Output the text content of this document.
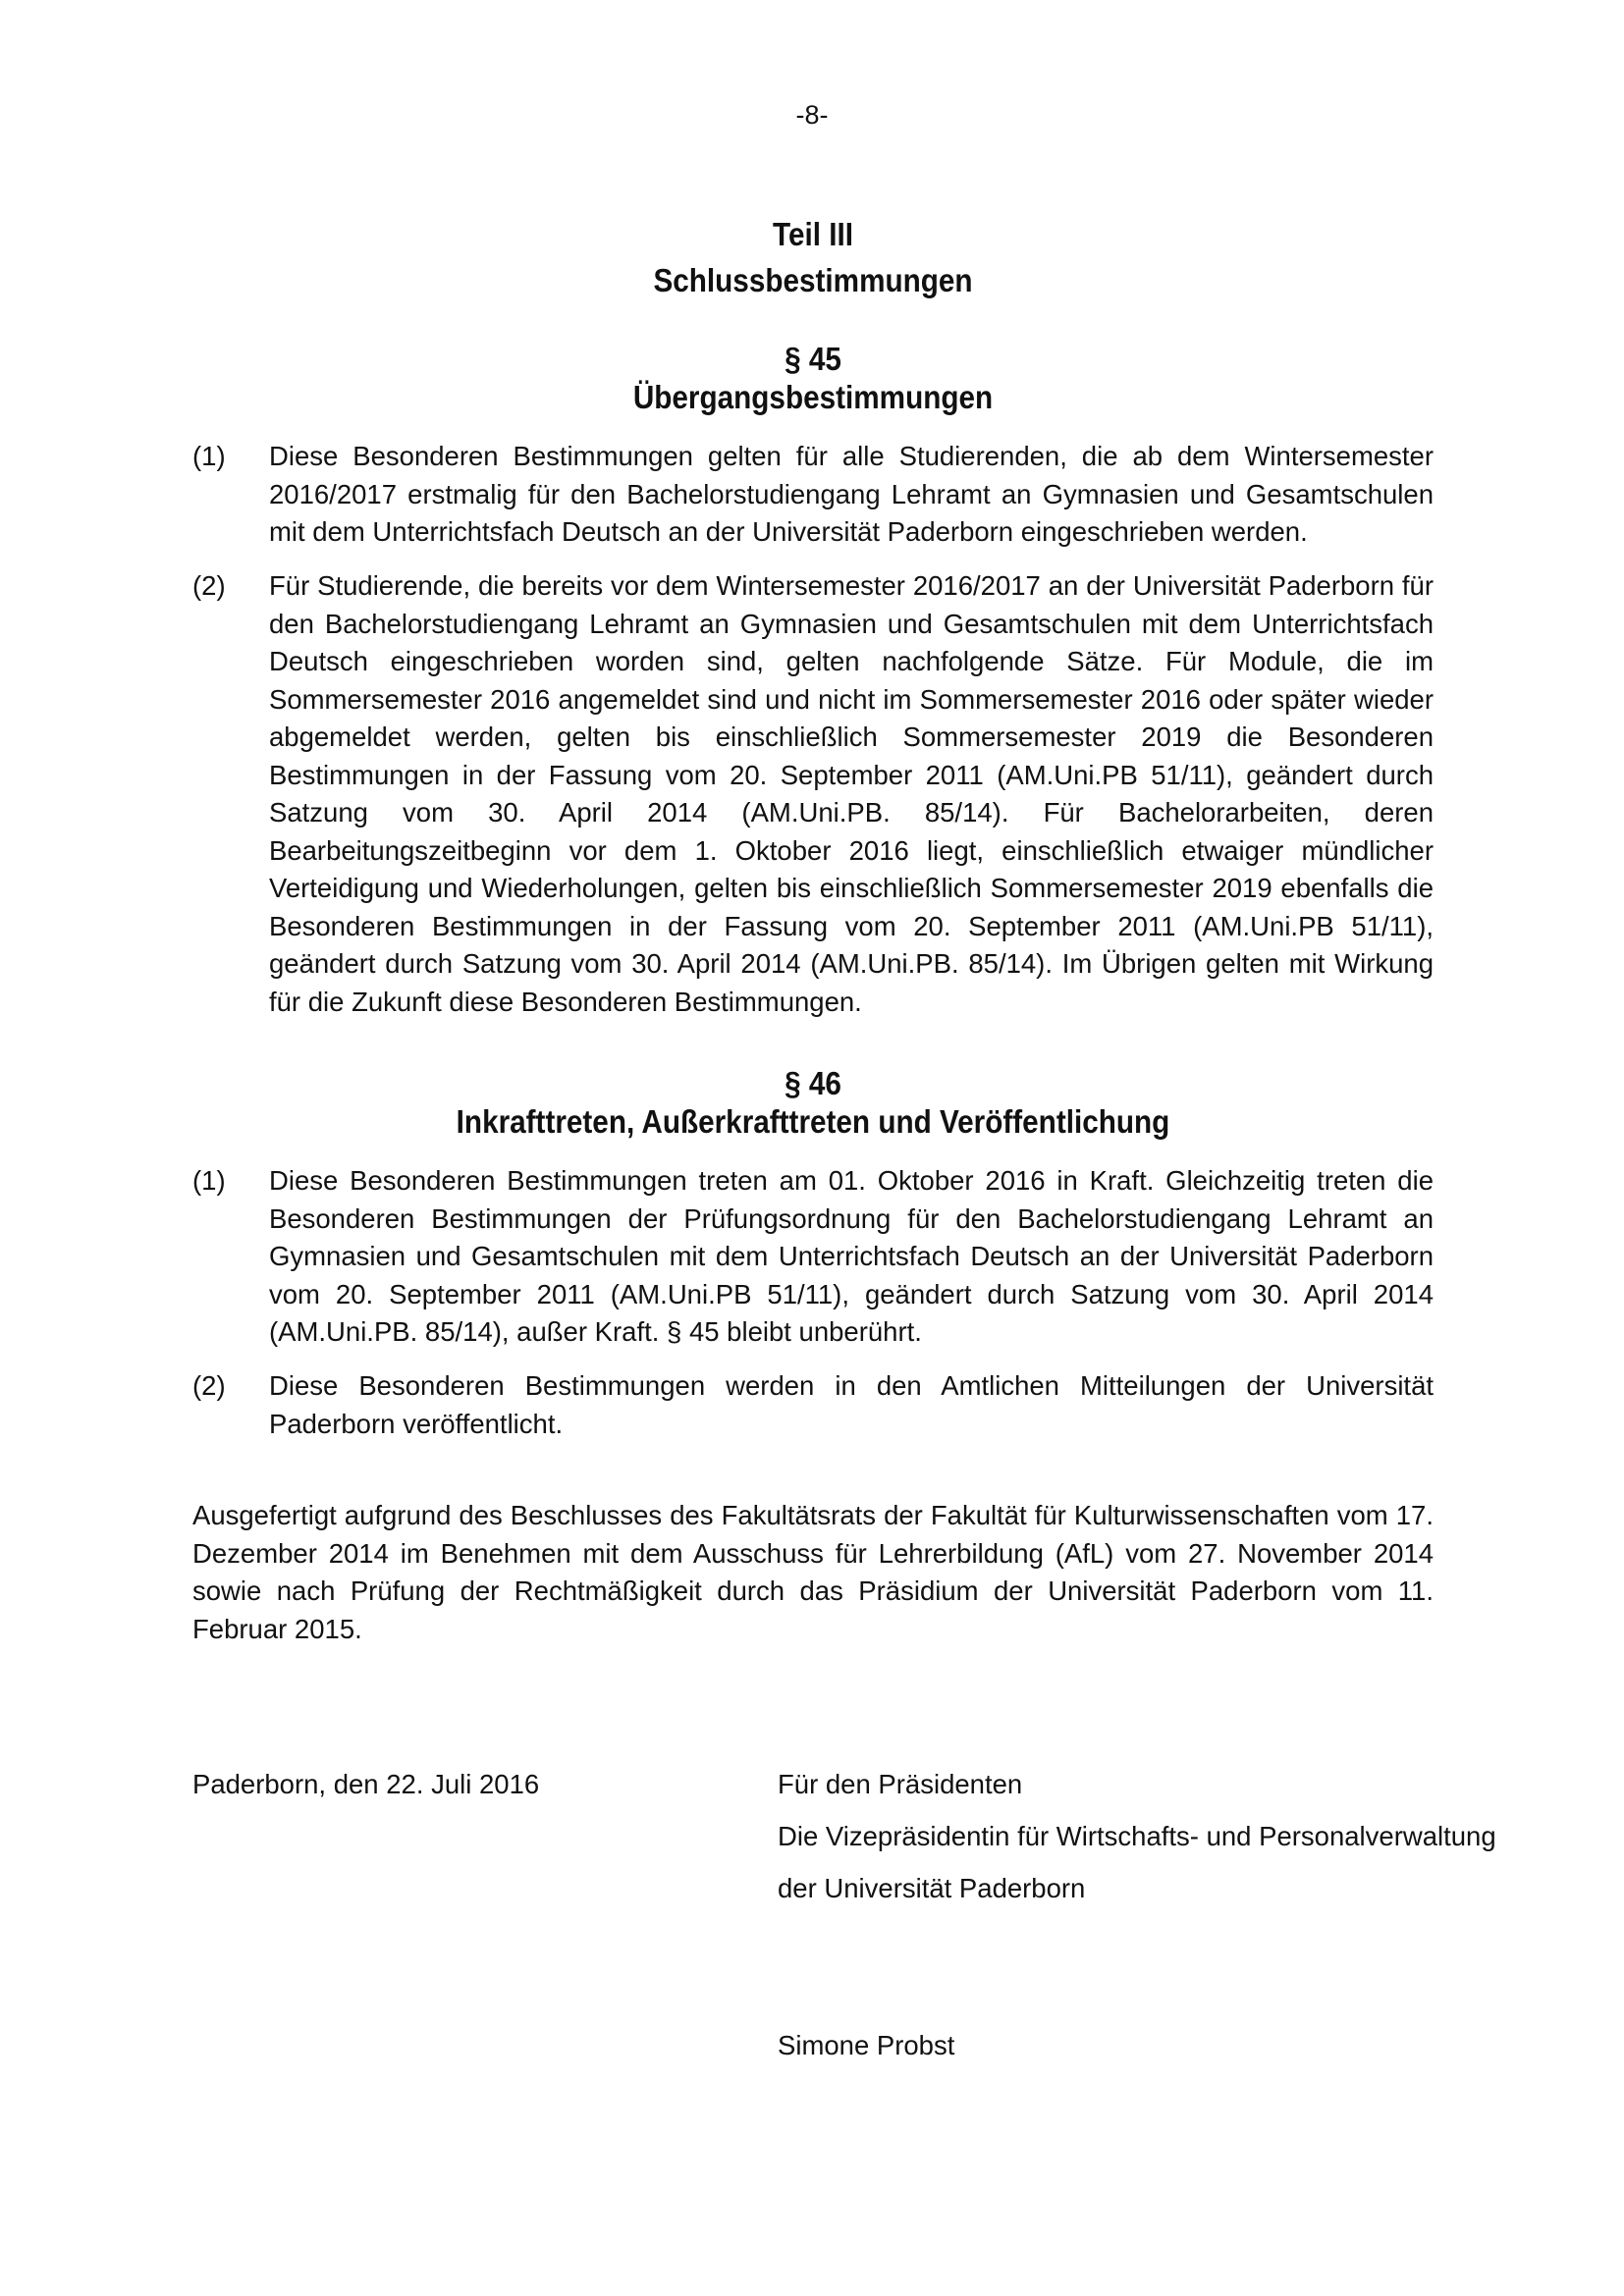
-8-
Teil III
Schlussbestimmungen
§ 45
Übergangsbestimmungen
(1)	Diese Besonderen Bestimmungen gelten für alle Studierenden, die ab dem Wintersemester 2016/2017 erstmalig für den Bachelorstudiengang Lehramt an Gymnasien und Gesamtschulen mit dem Unterrichtsfach Deutsch an der Universität Paderborn eingeschrieben werden.
(2)	Für Studierende, die bereits vor dem Wintersemester 2016/2017 an der Universität Paderborn für den Bachelorstudiengang Lehramt an Gymnasien und Gesamtschulen mit dem Unterrichtsfach Deutsch eingeschrieben worden sind, gelten nachfolgende Sätze. Für Module, die im Sommersemester 2016 angemeldet sind und nicht im Sommersemester 2016 oder später wieder abgemeldet werden, gelten bis einschließlich Sommersemester 2019 die Besonderen Bestimmungen in der Fassung vom 20. September 2011 (AM.Uni.PB 51/11), geändert durch Satzung vom 30. April 2014 (AM.Uni.PB. 85/14). Für Bachelorarbeiten, deren Bearbeitungszeitbeginn vor dem 1. Oktober 2016 liegt, einschließlich etwaiger mündlicher Verteidigung und Wiederholungen, gelten bis einschließlich Sommersemester 2019 ebenfalls die Besonderen Bestimmungen in der Fassung vom 20. September 2011 (AM.Uni.PB 51/11), geändert durch Satzung vom 30. April 2014 (AM.Uni.PB. 85/14). Im Übrigen gelten mit Wirkung für die Zukunft diese Besonderen Bestimmungen.
§ 46
Inkrafttreten, Außerkrafttreten und Veröffentlichung
(1)	Diese Besonderen Bestimmungen treten am 01. Oktober 2016 in Kraft. Gleichzeitig treten die Besonderen Bestimmungen der Prüfungsordnung für den Bachelorstudiengang Lehramt an Gymnasien und Gesamtschulen mit dem Unterrichtsfach Deutsch an der Universität Paderborn vom 20. September 2011 (AM.Uni.PB 51/11), geändert durch Satzung vom 30. April 2014 (AM.Uni.PB. 85/14), außer Kraft. § 45 bleibt unberührt.
(2)	Diese Besonderen Bestimmungen werden in den Amtlichen Mitteilungen der Universität Paderborn veröffentlicht.
Ausgefertigt aufgrund des Beschlusses des Fakultätsrats der Fakultät für Kulturwissenschaften vom 17. Dezember 2014 im Benehmen mit dem Ausschuss für Lehrerbildung (AfL) vom 27. November 2014 sowie nach Prüfung der Rechtmäßigkeit durch das Präsidium der Universität Paderborn vom 11. Februar 2015.
Paderborn, den 22. Juli 2016	Für den Präsidenten
Die Vizepräsidentin für Wirtschafts- und Personalverwaltung
der Universität Paderborn
Simone Probst
